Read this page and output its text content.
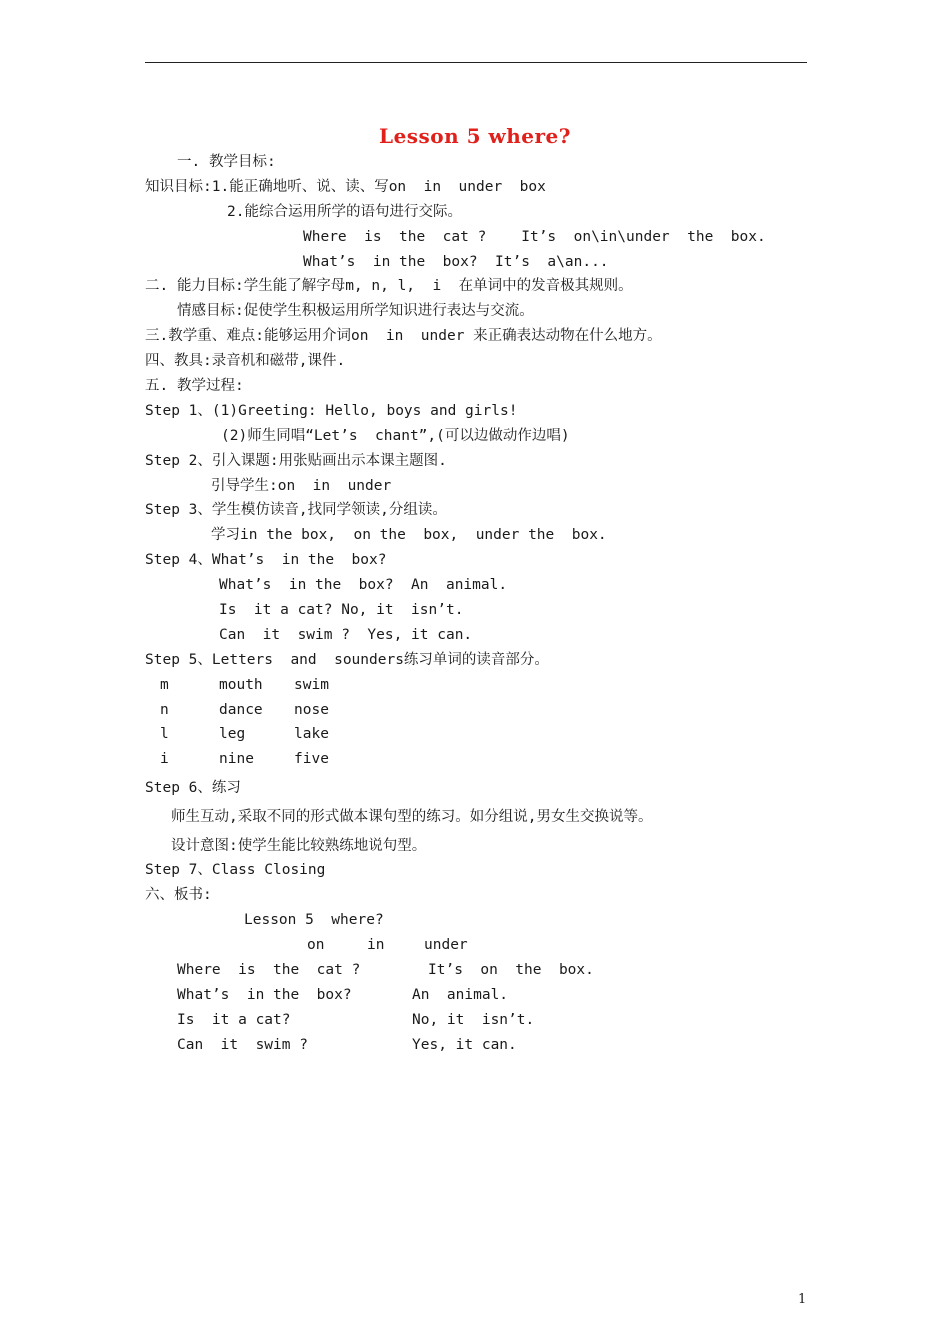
Lesson 5 where?
一. 教学目标:
知识目标:1.能正确地听、说、读、写on  in  under  box
2.能综合运用所学的语句进行交际。
Where  is  the  cat ?    It’s  on\in\under  the  box.
What’s  in the  box?  It’s  a\an...
二. 能力目标:学生能了解字母m, n, l,  i  在单词中的发音极其规则。
情感目标:促使学生积极运用所学知识进行表达与交流。
三.教学重、难点:能够运用介词on  in  under 来正确表达动物在什么地方。
四、教具:录音机和磁带,课件.
五. 教学过程:
Step 1、(1)Greeting: Hello, boys and girls!
(2)师生同唱“Let’s  chant”,(可以边做动作边唱)
Step 2、引入课题:用张贴画出示本课主题图.
引导学生:on  in  under
Step 3、学生模仿读音,找同学领读,分组读。
学习in the box,  on the  box,  under the  box.
Step 4、What’s  in the  box?
What’s  in the  box?  An  animal.
Is  it a cat? No, it  isn’t.
Can  it  swim ?  Yes, it can.
Step 5、Letters  and  sounders练习单词的读音部分。
m	mouth swim
n	dance nose
l	leg	lake
i	nine	five
Step 6、练习
师生互动,采取不同的形式做本课句型的练习。如分组说,男女生交换说等。
设计意图:使学生能比较熟练地说句型。
Step 7、Class Closing
六、板书:
Lesson 5  where?
on	in	under
Where  is  the  cat ?	It’s  on  the  box.
What’s  in the  box?	An  animal.
Is  it a cat?	No, it  isn’t.
Can  it  swim ?	Yes, it can.
1
